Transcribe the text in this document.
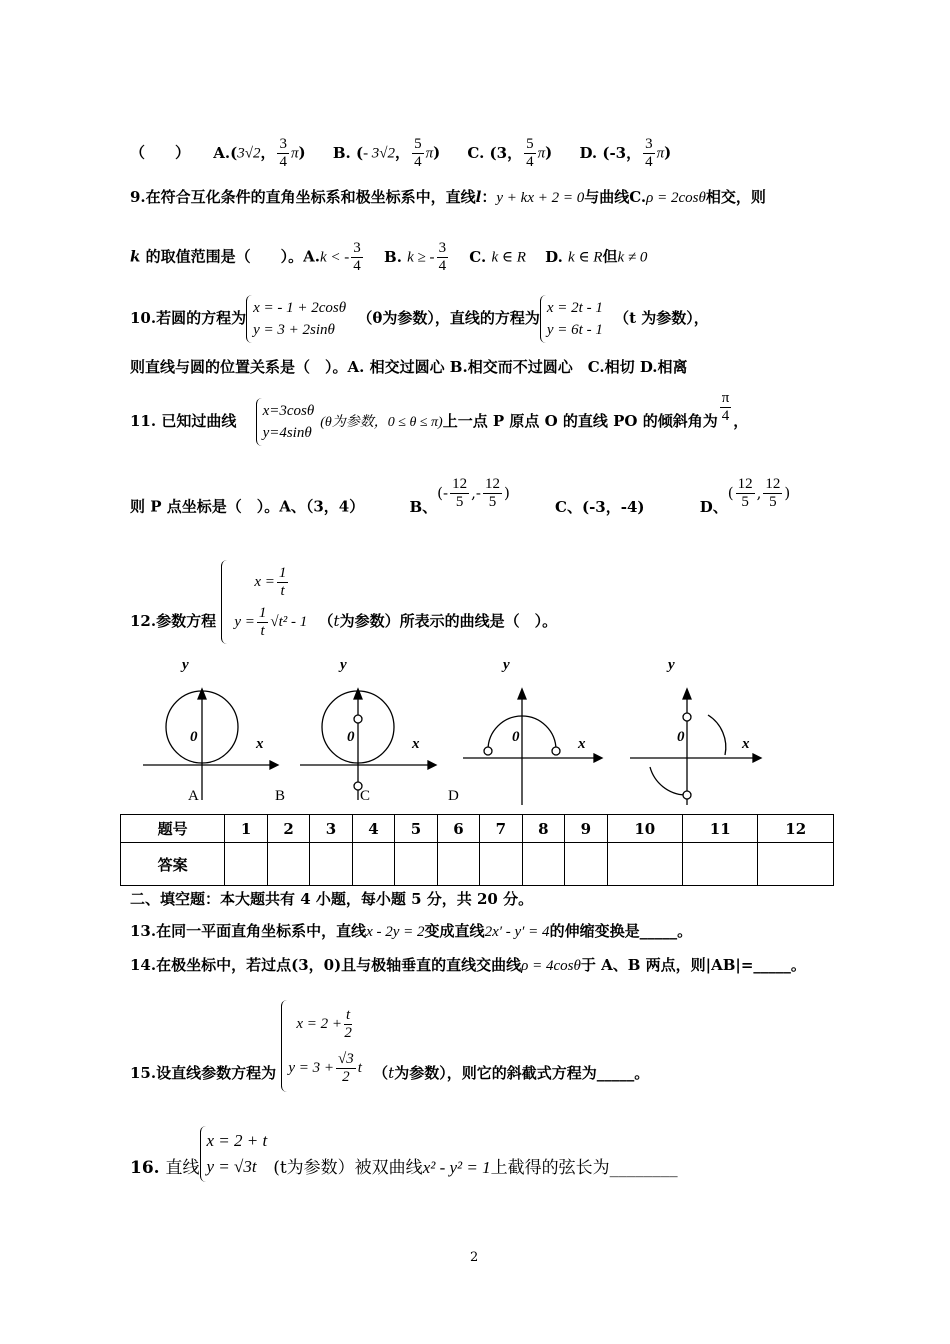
（　　） A.(3√2， $\frac{3}{4} \pi$) B. (- 3√2， $\frac{5}{4} \pi$) C. (3， $\frac{5}{4} \pi$) D. (-3， $\frac{3}{4} \pi$)
9.在符合互化条件的直角坐标系和极坐标系中，直线l：y + kx + 2 = 0与曲线C.ρ = 2cosθ相交，则
k 的取值范围是（　　）。A.k < - $\frac{3}{4} B$. k ≥ - $\frac{3}{4} C$. k ∈ R D. k ∈ R但k ≠ 0
10.若圆的方程为x = - 1 + 2cosθ
y = 3 + 2sinθ （θ为参数），直线的方程为x = 2t - 1
y = 6t - 1 （t 为参数），
则直线与圆的位置关系是（　）。A. 相交过圆心 B.相交而不过圆心　C.相切 D.相离
11. 已知过曲线 x=3cosθ
y=4sinθ(θ为参数，0 ≤ θ ≤ π)上一点 P 原点 O 的直线 PO 的倾斜角为 $\frac{\pi}{4}$ ，
则 P 点坐标是（　）。A、（3，4）	B、(- $\frac{12}{5}$ ,- $\frac{12}{5}$ ) C、(-3，-4)	D、( $\frac{12}{5}$ , $\frac{12}{5}$ )
12.参数方程 $x = \frac{1}{t}$

$y = \frac{1}{t} √t^2 - 1$ （t为参数）所表示的曲线是（　）。
y	y	y	y
x	x	x	x
0	0	0	0
A	B	C	D
题号	1	2	3	4	5	6	7	8	9	10	11	12
答案												
二、填空题：本大题共有 4 小题，每小题 5 分，共 20 分。
13.在同一平面直角坐标系中，直线x - 2y = 2变成直线2x′ - y′ = 4的伸缩变换是_____。
14.在极坐标中，若过点(3，0)且与极轴垂直的直线交曲线ρ = 4cosθ于 A、B 两点，则|AB|=_____。
15.设直线参数方程为 $x = 2 + \frac{t}{2}$

$y = 3 + \frac{√3}{2}$ t （t为参数），则它的斜截式方程为_____。
16. 直线x = 2 + t
y = √3t (t为参数）被双曲线x² - y² = 1上截得的弦长为________
2
